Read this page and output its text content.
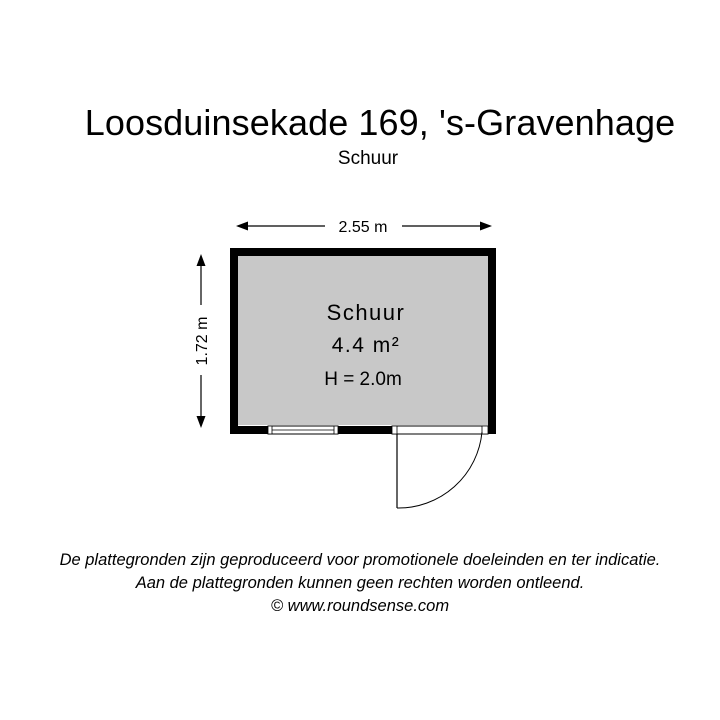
Loosduinsekade 169, 's-Gravenhage
Schuur
2.55 m
1.72 m
Schuur
4.4 m²
H = 2.0m
De plattegronden zijn geproduceerd voor promotionele doeleinden en ter indicatie.
Aan de plattegronden kunnen geen rechten worden ontleend.
© www.roundsense.com
